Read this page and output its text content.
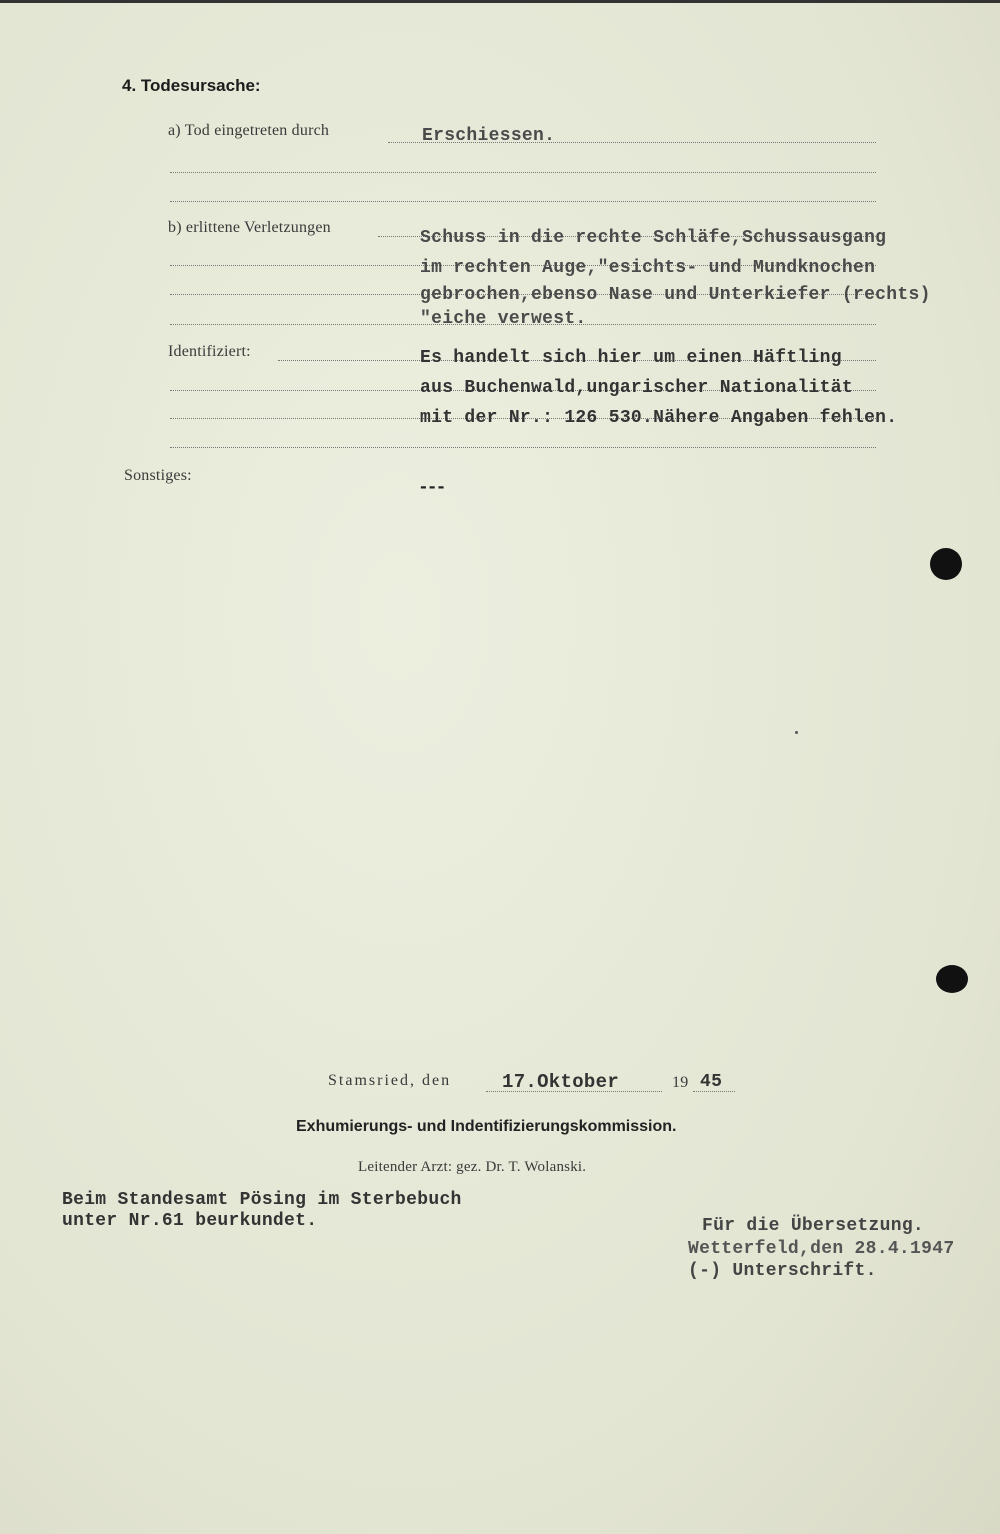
4. Todesursache:
a) Tod eingetreten durch	Erschiessen.
b) erlittene Verletzungen
Schuss in die rechte Schläfe,Schussausgang
im rechten Auge,"esichts- und Mundknochen
gebrochen,ebenso Nase und Unterkiefer (rechts)
"eiche verwest.
Identifiziert:	Es handelt sich hier um einen Häftling
aus Buchenwald,ungarischer Nationalität
mit der Nr.: 126 530.Nähere Angaben fehlen.
Sonstiges:
---
Stamsried, den	17.Oktober	19 45
Exhumierungs- und Indentifizierungskommission.
Leitender Arzt: gez. Dr. T. Wolanski.
Beim Standesamt Pösing im Sterbebuch
unter Nr.61 beurkundet.	Für die Übersetzung.
Wetterfeld,den 28.4.1947
(-) Unterschrift.
